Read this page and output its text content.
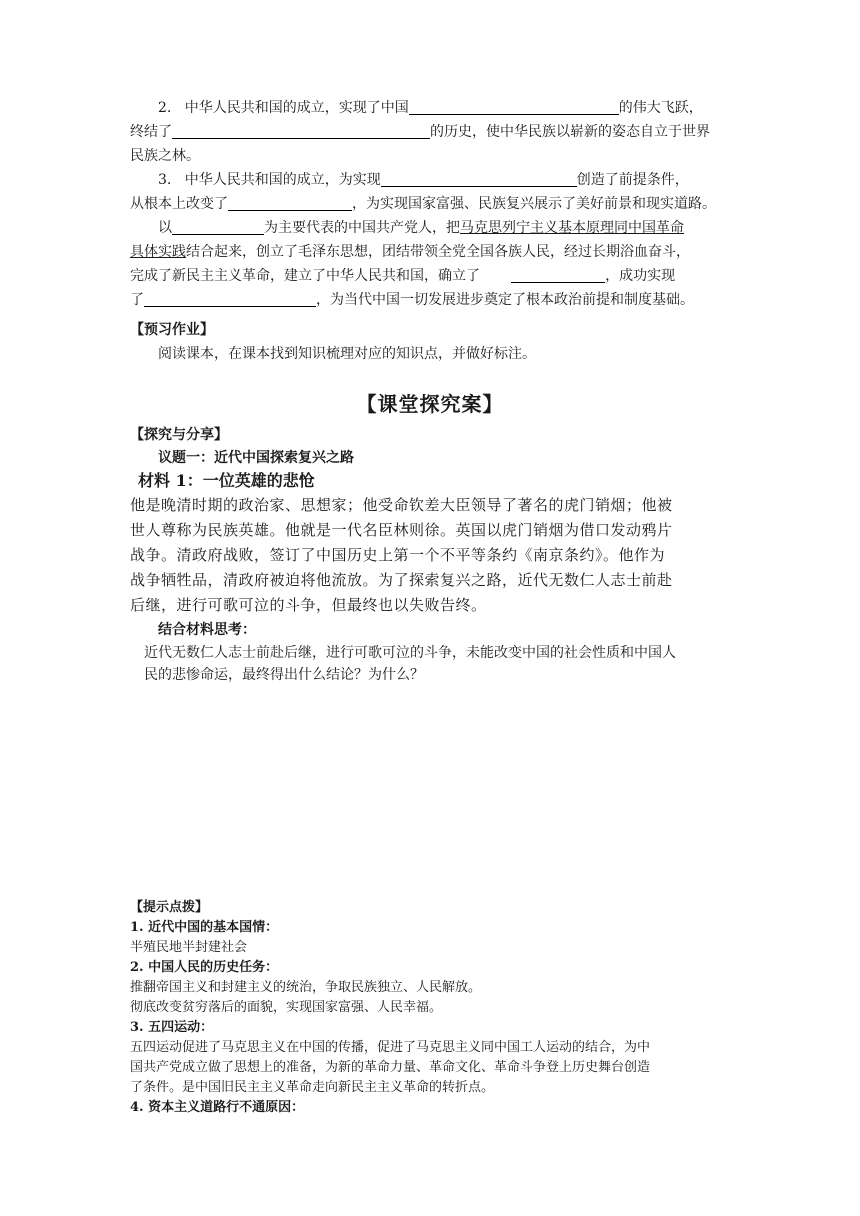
2. 中华人民共和国的成立，实现了中国	的伟大飞跃，
终结了	的历史，使中华民族以崭新的姿态自立于世界
民族之林。
3. 中华人民共和国的成立，为实现	创造了前提条件，
从根本上改变了	，为实现国家富强、民族复兴展示了美好前景和现实道路。
以	为主要代表的中国共产党人，把马克思列宁主义基本原理同中国革命
具体实践结合起来，创立了毛泽东思想，团结带领全党全国各族人民，经过长期浴血奋斗，
完成了新民主主义革命，建立了中华人民共和国，确立了	，成功实现
了	，为当代中国一切发展进步奠定了根本政治前提和制度基础。
【预习作业】
阅读课本，在课本找到知识梳理对应的知识点，并做好标注。
【课堂探究案】
【探究与分享】
议题一：近代中国探索复兴之路
材料 1：一位英雄的悲怆
他是晚清时期的政治家、思想家；他受命钦差大臣领导了著名的虎门销烟；他被
世人尊称为民族英雄。他就是一代名臣林则徐。英国以虎门销烟为借口发动鸦片
战争。清政府战败，签订了中国历史上第一个不平等条约《南京条约》。他作为
战争牺牲品，清政府被迫将他流放。为了探索复兴之路，近代无数仁人志士前赴
后继，进行可歌可泣的斗争，但最终也以失败告终。
结合材料思考：
近代无数仁人志士前赴后继，进行可歌可泣的斗争，未能改变中国的社会性质和中国人
民的悲惨命运，最终得出什么结论？为什么？
【提示点拨】
1. 近代中国的基本国情：
半殖民地半封建社会
2. 中国人民的历史任务：
推翻帝国主义和封建主义的统治，争取民族独立、人民解放。
彻底改变贫穷落后的面貌，实现国家富强、人民幸福。
3. 五四运动：
五四运动促进了马克思主义在中国的传播，促进了马克思主义同中国工人运动的结合，为中
国共产党成立做了思想上的准备，为新的革命力量、革命文化、革命斗争登上历史舞台创造
了条件。是中国旧民主主义革命走向新民主主义革命的转折点。
4. 资本主义道路行不通原因：
